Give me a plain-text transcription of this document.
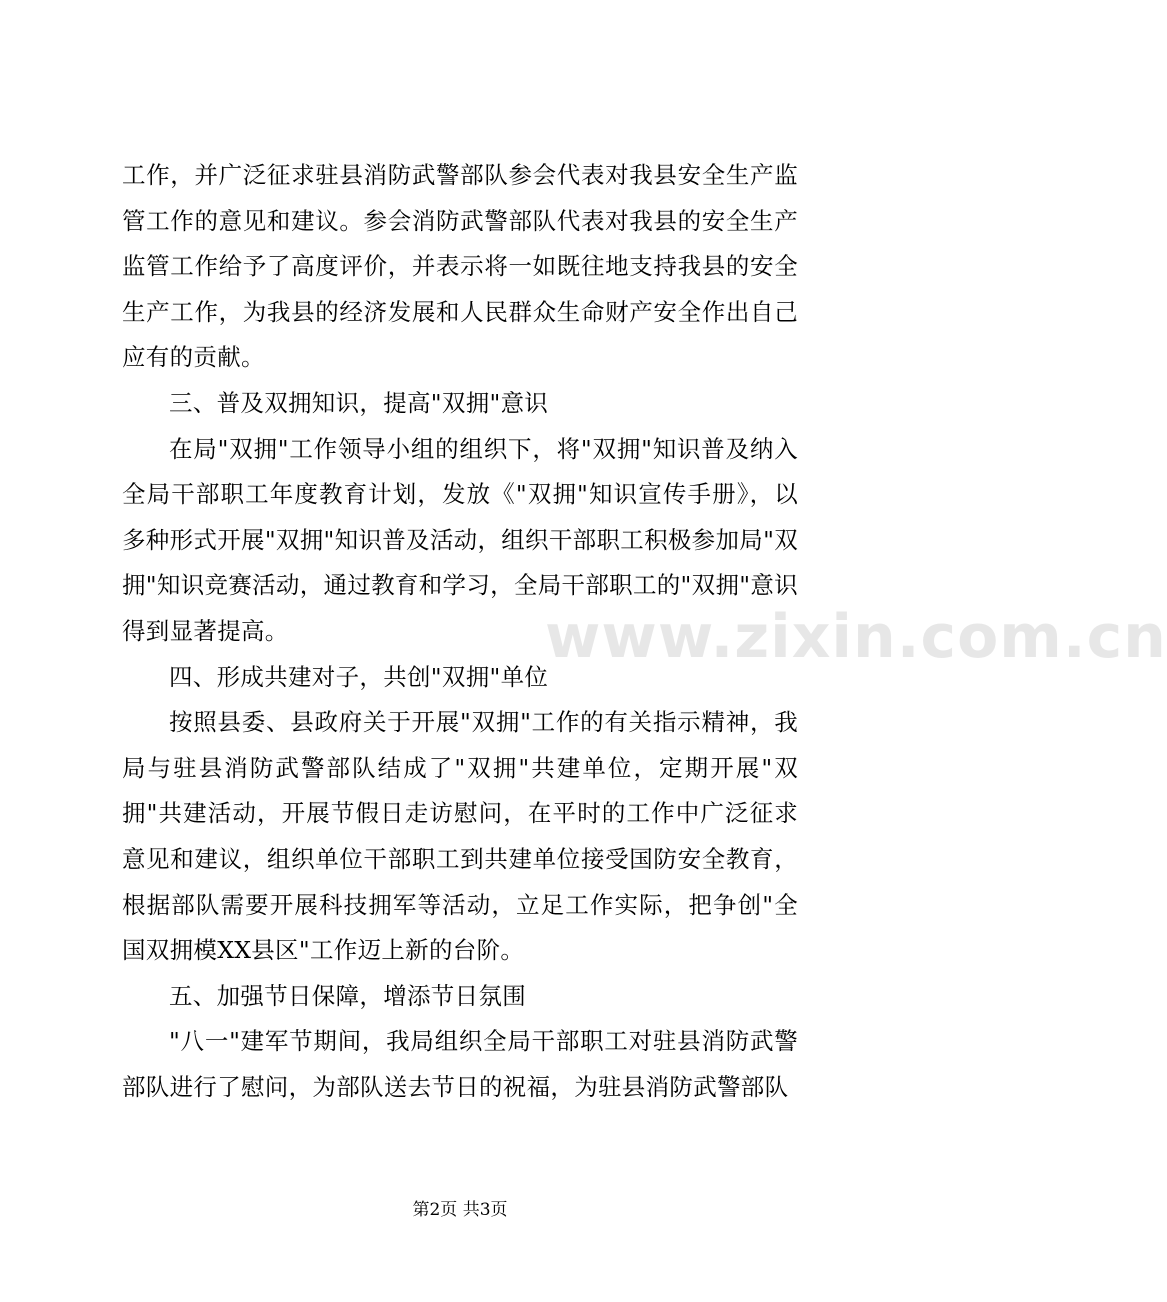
工作，并广泛征求驻县消防武警部队参会代表对我县安全生产监管工作的意见和建议。参会消防武警部队代表对我县的安全生产监管工作给予了高度评价，并表示将一如既往地支持我县的安全生产工作，为我县的经济发展和人民群众生命财产安全作出自己应有的贡献。

三、普及双拥知识，提高"双拥"意识

在局"双拥"工作领导小组的组织下，将"双拥"知识普及纳入全局干部职工年度教育计划，发放《"双拥"知识宣传手册》，以多种形式开展"双拥"知识普及活动，组织干部职工积极参加局"双拥"知识竞赛活动，通过教育和学习，全局干部职工的"双拥"意识得到显著提高。

四、形成共建对子，共创"双拥"单位

按照县委、县政府关于开展"双拥"工作的有关指示精神，我局与驻县消防武警部队结成了"双拥"共建单位，定期开展"双拥"共建活动，开展节假日走访慰问，在平时的工作中广泛征求意见和建议，组织单位干部职工到共建单位接受国防安全教育，根据部队需要开展科技拥军等活动，立足工作实际，把争创"全国双拥模XX县区"工作迈上新的台阶。

五、加强节日保障，增添节日氛围

"八一"建军节期间，我局组织全局干部职工对驻县消防武警部队进行了慰问，为部队送去节日的祝福，为驻县消防武警部队

www.zixin.com.cn
第2页 共3页
